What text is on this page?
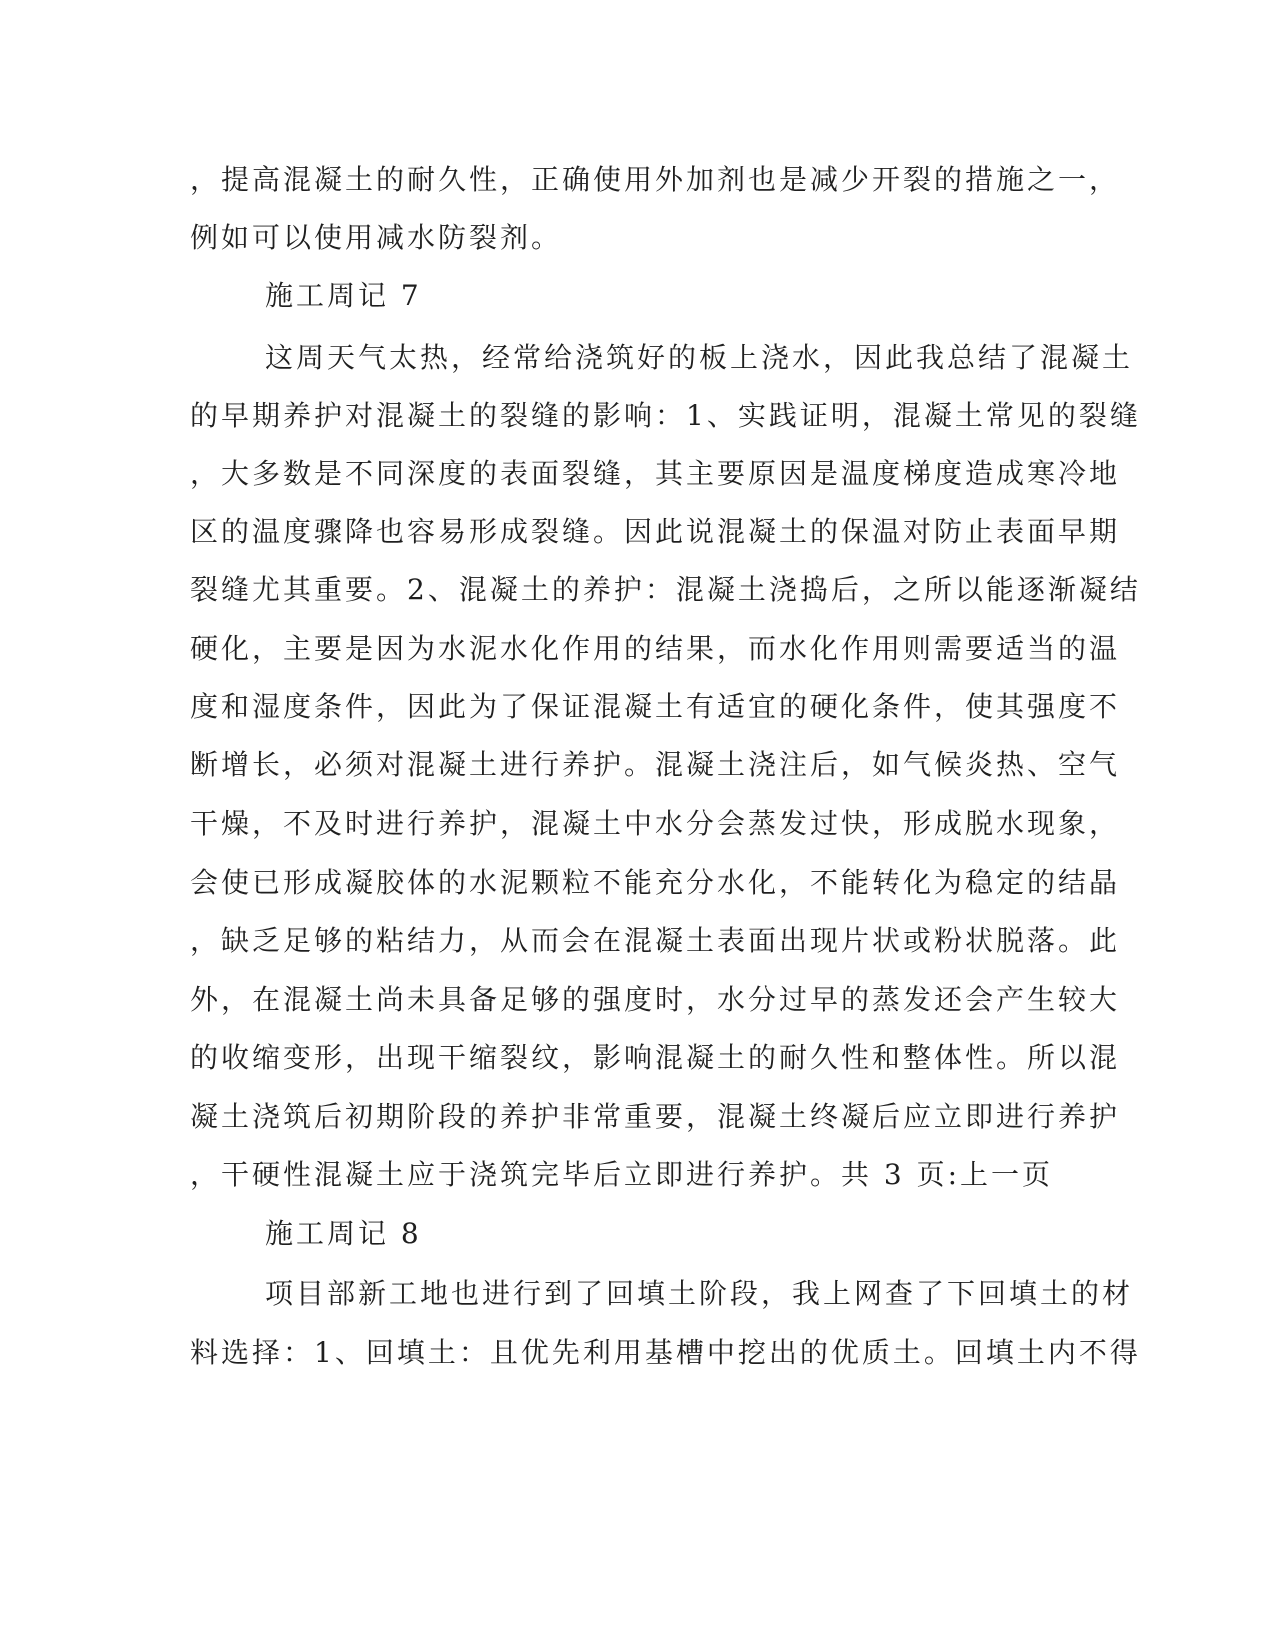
，提高混凝土的耐久性，正确使用外加剂也是减少开裂的措施之一，
例如可以使用减水防裂剂。
施工周记 7
这周天气太热，经常给浇筑好的板上浇水，因此我总结了混凝土
的早期养护对混凝土的裂缝的影响：1、实践证明，混凝土常见的裂缝
，大多数是不同深度的表面裂缝，其主要原因是温度梯度造成寒冷地
区的温度骤降也容易形成裂缝。因此说混凝土的保温对防止表面早期
裂缝尤其重要。2、混凝土的养护：混凝土浇捣后，之所以能逐渐凝结
硬化，主要是因为水泥水化作用的结果，而水化作用则需要适当的温
度和湿度条件，因此为了保证混凝土有适宜的硬化条件，使其强度不
断增长，必须对混凝土进行养护。混凝土浇注后，如气候炎热、空气
干燥，不及时进行养护，混凝土中水分会蒸发过快，形成脱水现象，
会使已形成凝胶体的水泥颗粒不能充分水化，不能转化为稳定的结晶
，缺乏足够的粘结力，从而会在混凝土表面出现片状或粉状脱落。此
外，在混凝土尚未具备足够的强度时，水分过早的蒸发还会产生较大
的收缩变形，出现干缩裂纹，影响混凝土的耐久性和整体性。所以混
凝土浇筑后初期阶段的养护非常重要，混凝土终凝后应立即进行养护
，干硬性混凝土应于浇筑完毕后立即进行养护。共 3 页:上一页
施工周记 8
项目部新工地也进行到了回填土阶段，我上网查了下回填土的材
料选择：1、回填土：且优先利用基槽中挖出的优质土。回填土内不得
